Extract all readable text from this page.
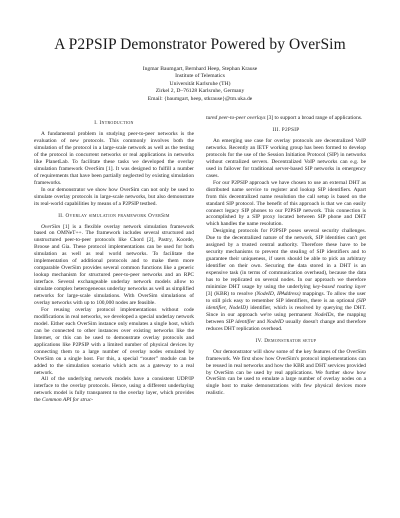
A P2PSIP Demonstrator Powered by OverSim
Ingmar Baumgart, Bernhard Heep, Stephan Krause
Institute of Telematics
Universität Karlsruhe (TH)
Zirkel 2, D–76128 Karlsruhe, Germany
Email: {baumgart, heep, stkrause}@tm.uka.de
I. Introduction

A fundamental problem in studying peer-to-peer networks is the evaluation of new protocols. This commonly involves both the simulation of the protocol in a large-scale network as well as the testing of the protocol in concurrent networks or real applications in networks like PlanetLab. To facilitate these tasks we developed the overlay simulation framework OverSim [1]. It was designed to fulfill a number of requirements that have been partially neglected by existing simulation frameworks.

In our demonstrator we show how OverSim can not only be used to simulate overlay protocols in large-scale networks, but also demonstrate its real-world capabilities by means of a P2PSIP testbed.

II. Overlay simulation framework OverSim

OverSim [1] is a flexible overlay network simulation framework based on OMNeT++. The framework includes several structured and unstructured peer-to-peer protocols like Chord [2], Pastry, Koorde, Broose and Gia. These protocol implementations can be used for both simulation as well as real world networks. To facilitate the implementation of additional protocols and to make them more comparable OverSim provides several common functions like a generic lookup mechanism for structured peer-to-peer networks and an RPC interface. Several exchangeable underlay network models allow to simulate complex heterogeneous underlay networks as well as simplified networks for large-scale simulations. With OverSim simulations of overlay networks with up to 100,000 nodes are feasible.

For reusing overlay protocol implementations without code modifications in real networks, we developed a special underlay network model. Either each OverSim instance only emulates a single host, which can be connected to other instances over existing networks like the Internet, or this can be used to demonstrate overlay protocols and applications like P2PSIP with a limited number of physical devices by connecting them to a large number of overlay nodes emulated by OverSim on a single host. For this, a special “router” module can be added to the simulation scenario which acts as a gateway to a real network.

All of the underlying network models have a consistent UDP/IP interface to the overlay protocols. Hence, using a different underlaying network model is fully transparent to the overlay layer, which provides the Common API for struc-

tured peer-to-peer overlays [3] to support a broad range of applications.

III. P2PSIP

An emerging use case for overlay protocols are decentralized VoIP networks. Recently an IETF working group has been formed to develop protocols for the use of the Session Initiation Protocol (SIP) in networks without centralized servers. Decentralized VoIP networks can e.g. be used in failover for traditional server-based SIP networks in emergency cases.

For our P2PSIP approach we have chosen to use an external DHT as distributed name service to register and lookup SIP identifiers. Apart from this decentralized name resolution the call setup is based on the standard SIP protocol. The benefit of this approach is that we can easily connect legacy SIP phones to our P2PSIP network. This connection is accomplished by a SIP proxy located between SIP phone and DHT which handles the name resolution.

Designing protocols for P2PSIP poses several security challenges. Due to the decentralized nature of the network, SIP identities can't get assigned by a trusted central authority. Therefore these have to be security mechanisms to prevent the stealing of SIP identifiers and to guarantee their uniqueness, if users should be able to pick an arbitrary identifier on their own. Securing the data stored in a DHT is an expensive task (in terms of communication overhead), because the data has to be replicated on several nodes. In our approach we therefore minimize DHT usage by using the underlying key-based routing layer [3] (KBR) to resolve (NodeID, IPAddress) mappings. To allow the user to still pick easy to remember SIP identifiers, there is an optional (SIP identifier, NodeID) identifier, which is resolved by querying the DHT. Since in our approach we're using permanent NodeIDs, the mapping between SIP identifier and NodeID usually doesn't change and therefore reduces DHT replication overhead.

IV. Demonstrator setup

Our demonstrator will show some of the key features of the OverSim framework. We first show how OverSim's protocol implementations can be reused in real networks and how the KBR and DHT services provided by OverSim can be used by real applications. We further show how OverSim can be used to emulate a large number of overlay nodes on a single host to make demonstrations with few physical devices more realistic.
